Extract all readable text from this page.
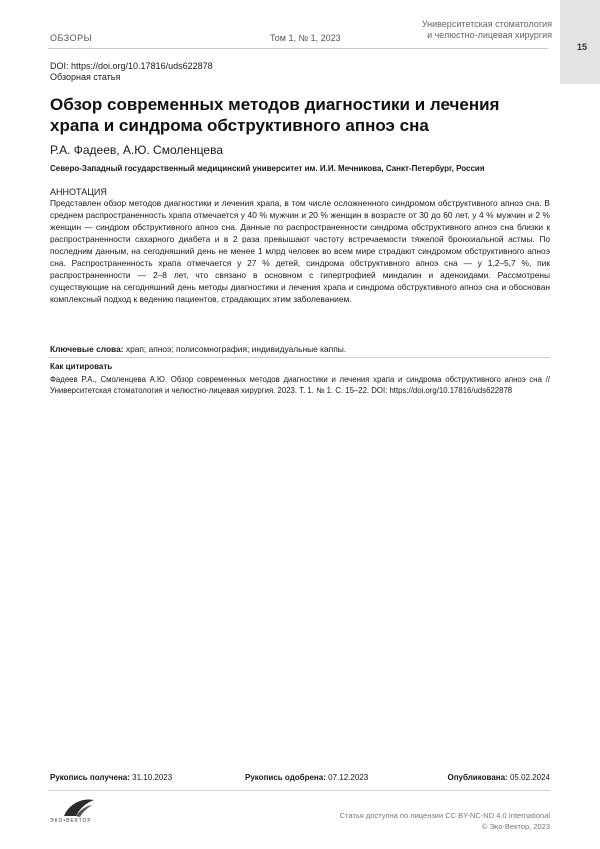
15
ОБЗОРЫ	Том 1, № 1, 2023
Университетская стоматология
и челюстно-лицевая хирургия
DOI: https://doi.org/10.17816/uds622878
Обзорная статья
Обзор современных методов диагностики и лечения храпа и синдрома обструктивного апноэ сна
Р.А. Фадеев, А.Ю. Смоленцева
Северо-Западный государственный медицинский университет им. И.И. Мечникова, Санкт-Петербург, Россия
АННОТАЦИЯ

Представлен обзор методов диагностики и лечения храпа, в том числе осложненного синдромом обструктивного апноэ сна. В среднем распространенность храпа отмечается у 40 % мужчин и 20 % женщин в возрасте от 30 до 60 лет, у 4 % мужчин и 2 % женщин — синдром обструктивного апноэ сна. Данные по распространенности синдрома обструктивного апноэ сна близки к распространенности сахарного диабета и в 2 раза превышают частоту встречаемости тяжелой бронхиальной астмы. По последним данным, на сегодняшний день не менее 1 млрд человек во всем мире страдают синдромом обструктивного апноэ сна. Распространенность храпа отмечается у 27 % детей, синдрома обструктивного апноэ сна — у 1,2–5,7 %, пик распространенности — 2–8 лет, что связано в основном с гипертрофией миндалин и аденоидами. Рассмотрены существующие на сегодняшний день методы диагностики и лечения храпа и синдрома обструктивного апноэ сна и обоснован комплексный подход к ведению пациентов, страдающих этим заболеванием.

Ключевые слова: храп; апноэ; полисомнография; индивидуальные каппы.
Как цитировать

Фадеев Р.А., Смоленцева А.Ю. Обзор современных методов диагностики и лечения храпа и синдрома обструктивного апноэ сна // Университетская стоматология и челюстно-лицевая хирургия. 2023. Т. 1. № 1. С. 15–22. DOI: https://doi.org/10.17816/uds622878

Рукопись получена: 31.10.2023	Рукопись одобрена: 07.12.2023	Опубликована: 05.02.2024
ЭКО•ВЕКТОР
Статья доступна по лицензии CC BY-NC-ND 4.0 International
© Эко-Вектор, 2023
